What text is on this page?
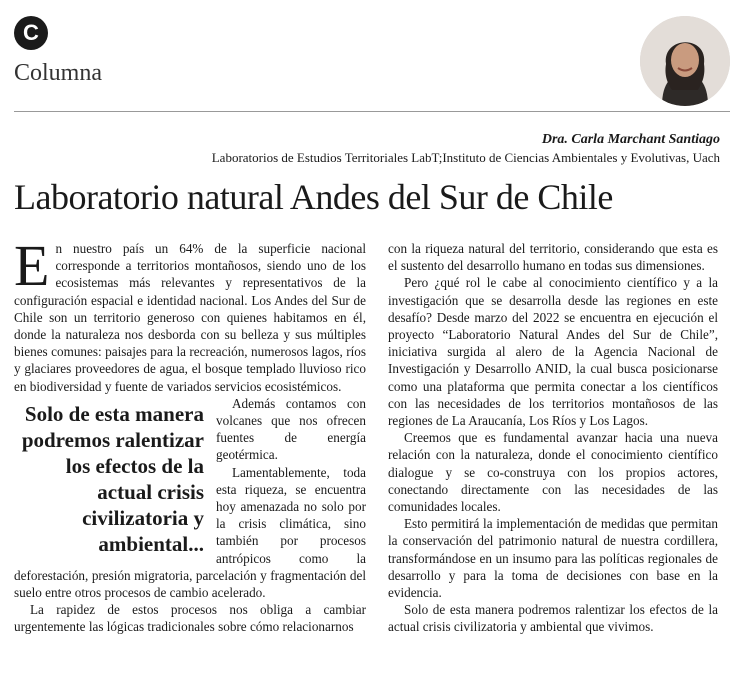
C
Columna
Dra. Carla Marchant Santiago
Laboratorios de Estudios Territoriales LabT;Instituto de Ciencias Ambientales y Evolutivas, Uach
Laboratorio natural Andes del Sur de Chile

En nuestro país un 64% de la superficie nacional corresponde a territorios montañosos, siendo uno de los ecosistemas más relevantes y representativos de la configuración espacial e identidad nacional. Los Andes del Sur de Chile son un territorio generoso con quienes habitamos en él, donde la naturaleza nos desborda con su belleza y sus múltiples bienes comunes: paisajes para la recreación, numerosos lagos, ríos y glaciares proveedores de agua, el bosque templado lluvioso rico en biodiversidad y fuente de variados servicios ecosistémicos.

Solo de esta manera podremos ralentizar los efectos de la actual crisis civilizatoria y ambiental...

Además contamos con volcanes que nos ofrecen fuentes de energía geotérmica.

Lamentablemente, toda esta riqueza, se encuentra hoy amenazada no solo por la crisis climática, sino también por procesos antrópicos como la deforestación, presión migratoria, parcelación y fragmentación del suelo entre otros procesos de cambio acelerado.

La rapidez de estos procesos nos obliga a cambiar urgentemente las lógicas tradicionales sobre cómo relacionarnos

con la riqueza natural del territorio, considerando que esta es el sustento del desarrollo humano en todas sus dimensiones.

Pero ¿qué rol le cabe al conocimiento científico y a la investigación que se desarrolla desde las regiones en este desafío? Desde marzo del 2022 se encuentra en ejecución el proyecto “Laboratorio Natural Andes del Sur de Chile”, iniciativa surgida al alero de la Agencia Nacional de Investigación y Desarrollo ANID, la cual busca posicionarse como una plataforma que permita conectar a los científicos con las necesidades de los territorios montañosos de las regiones de La Araucanía, Los Ríos y Los Lagos.

Creemos que es fundamental avanzar hacia una nueva relación con la naturaleza, donde el conocimiento científico dialogue y se co-construya con los propios actores, conectando directamente con las necesidades de las comunidades locales.

Esto permitirá la implementación de medidas que permitan la conservación del patrimonio natural de nuestra cordillera, transformándose en un insumo para las políticas regionales de desarrollo y para la toma de decisiones con base en la evidencia.

Solo de esta manera podremos ralentizar los efectos de la actual crisis civilizatoria y ambiental que vivimos.
